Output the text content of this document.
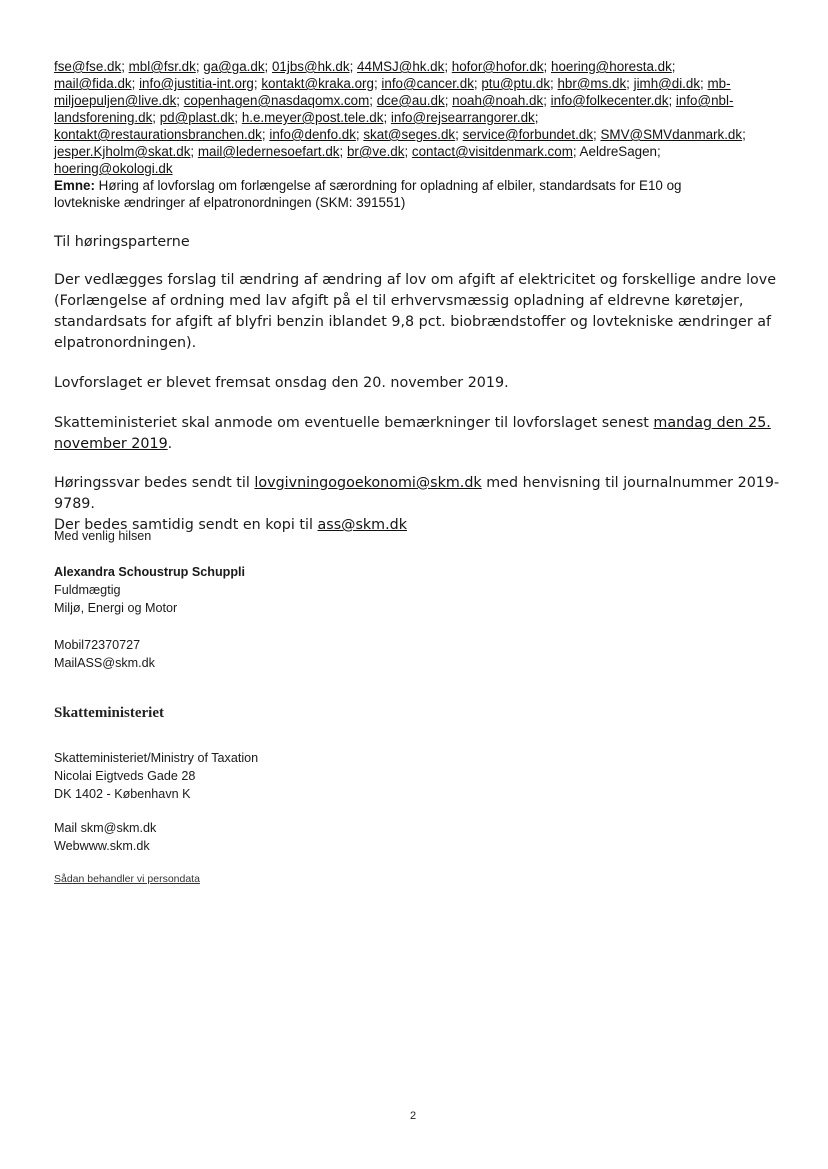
fse@fse.dk; mbl@fsr.dk; ga@ga.dk; 01jbs@hk.dk; 44MSJ@hk.dk; hofor@hofor.dk; hoering@horesta.dk;
mail@fida.dk; info@justitia-int.org; kontakt@kraka.org; info@cancer.dk; ptu@ptu.dk; hbr@ms.dk; jimh@di.dk; mb-
miljoepuljen@live.dk; copenhagen@nasdaqomx.com; dce@au.dk; noah@noah.dk; info@folkecenter.dk; info@nbl-
landsforening.dk; pd@plast.dk; h.e.meyer@post.tele.dk; info@rejsearrangorer.dk;
kontakt@restaurationsbranchen.dk; info@denfo.dk; skat@seges.dk; service@forbundet.dk; SMV@SMVdanmark.dk;
jesper.Kjholm@skat.dk; mail@ledernesoefart.dk; br@ve.dk; contact@visitdenmark.com; AeldreSagen;
hoering@okologi.dk
Emne: Høring af lovforslag om forlængelse af særordning for opladning af elbiler, standardsats for E10 og
lovtekniske ændringer af elpatronordningen (SKM: 391551)

Til høringsparterne

Der vedlægges forslag til ændring af ændring af lov om afgift af elektricitet og forskellige andre love (Forlængelse af ordning med lav afgift på el til erhvervsmæssig opladning af eldrevne køretøjer, standardsats for afgift af blyfri benzin iblandet 9,8 pct. biobrændstoffer og lovtekniske ændringer af elpatronordningen).

Lovforslaget er blevet fremsat onsdag den 20. november 2019.

Skatteministeriet skal anmode om eventuelle bemærkninger til lovforslaget senest mandag den 25. november 2019.

Høringssvar bedes sendt til lovgivningogoekonomi@skm.dk med henvisning til journalnummer 2019-9789.

Der bedes samtidig sendt en kopi til ass@skm.dk

Med venlig hilsen

Alexandra Schoustrup Schuppli

Fuldmægtig

Miljø, Energi og Motor

Mobil72370727

MailASS@skm.dk

Skatteministeriet

Skatteministeriet/Ministry of Taxation

Nicolai Eigtveds Gade 28

DK 1402 - København K

Mail skm@skm.dk

Webwww.skm.dk

Sådan behandler vi persondata
2
